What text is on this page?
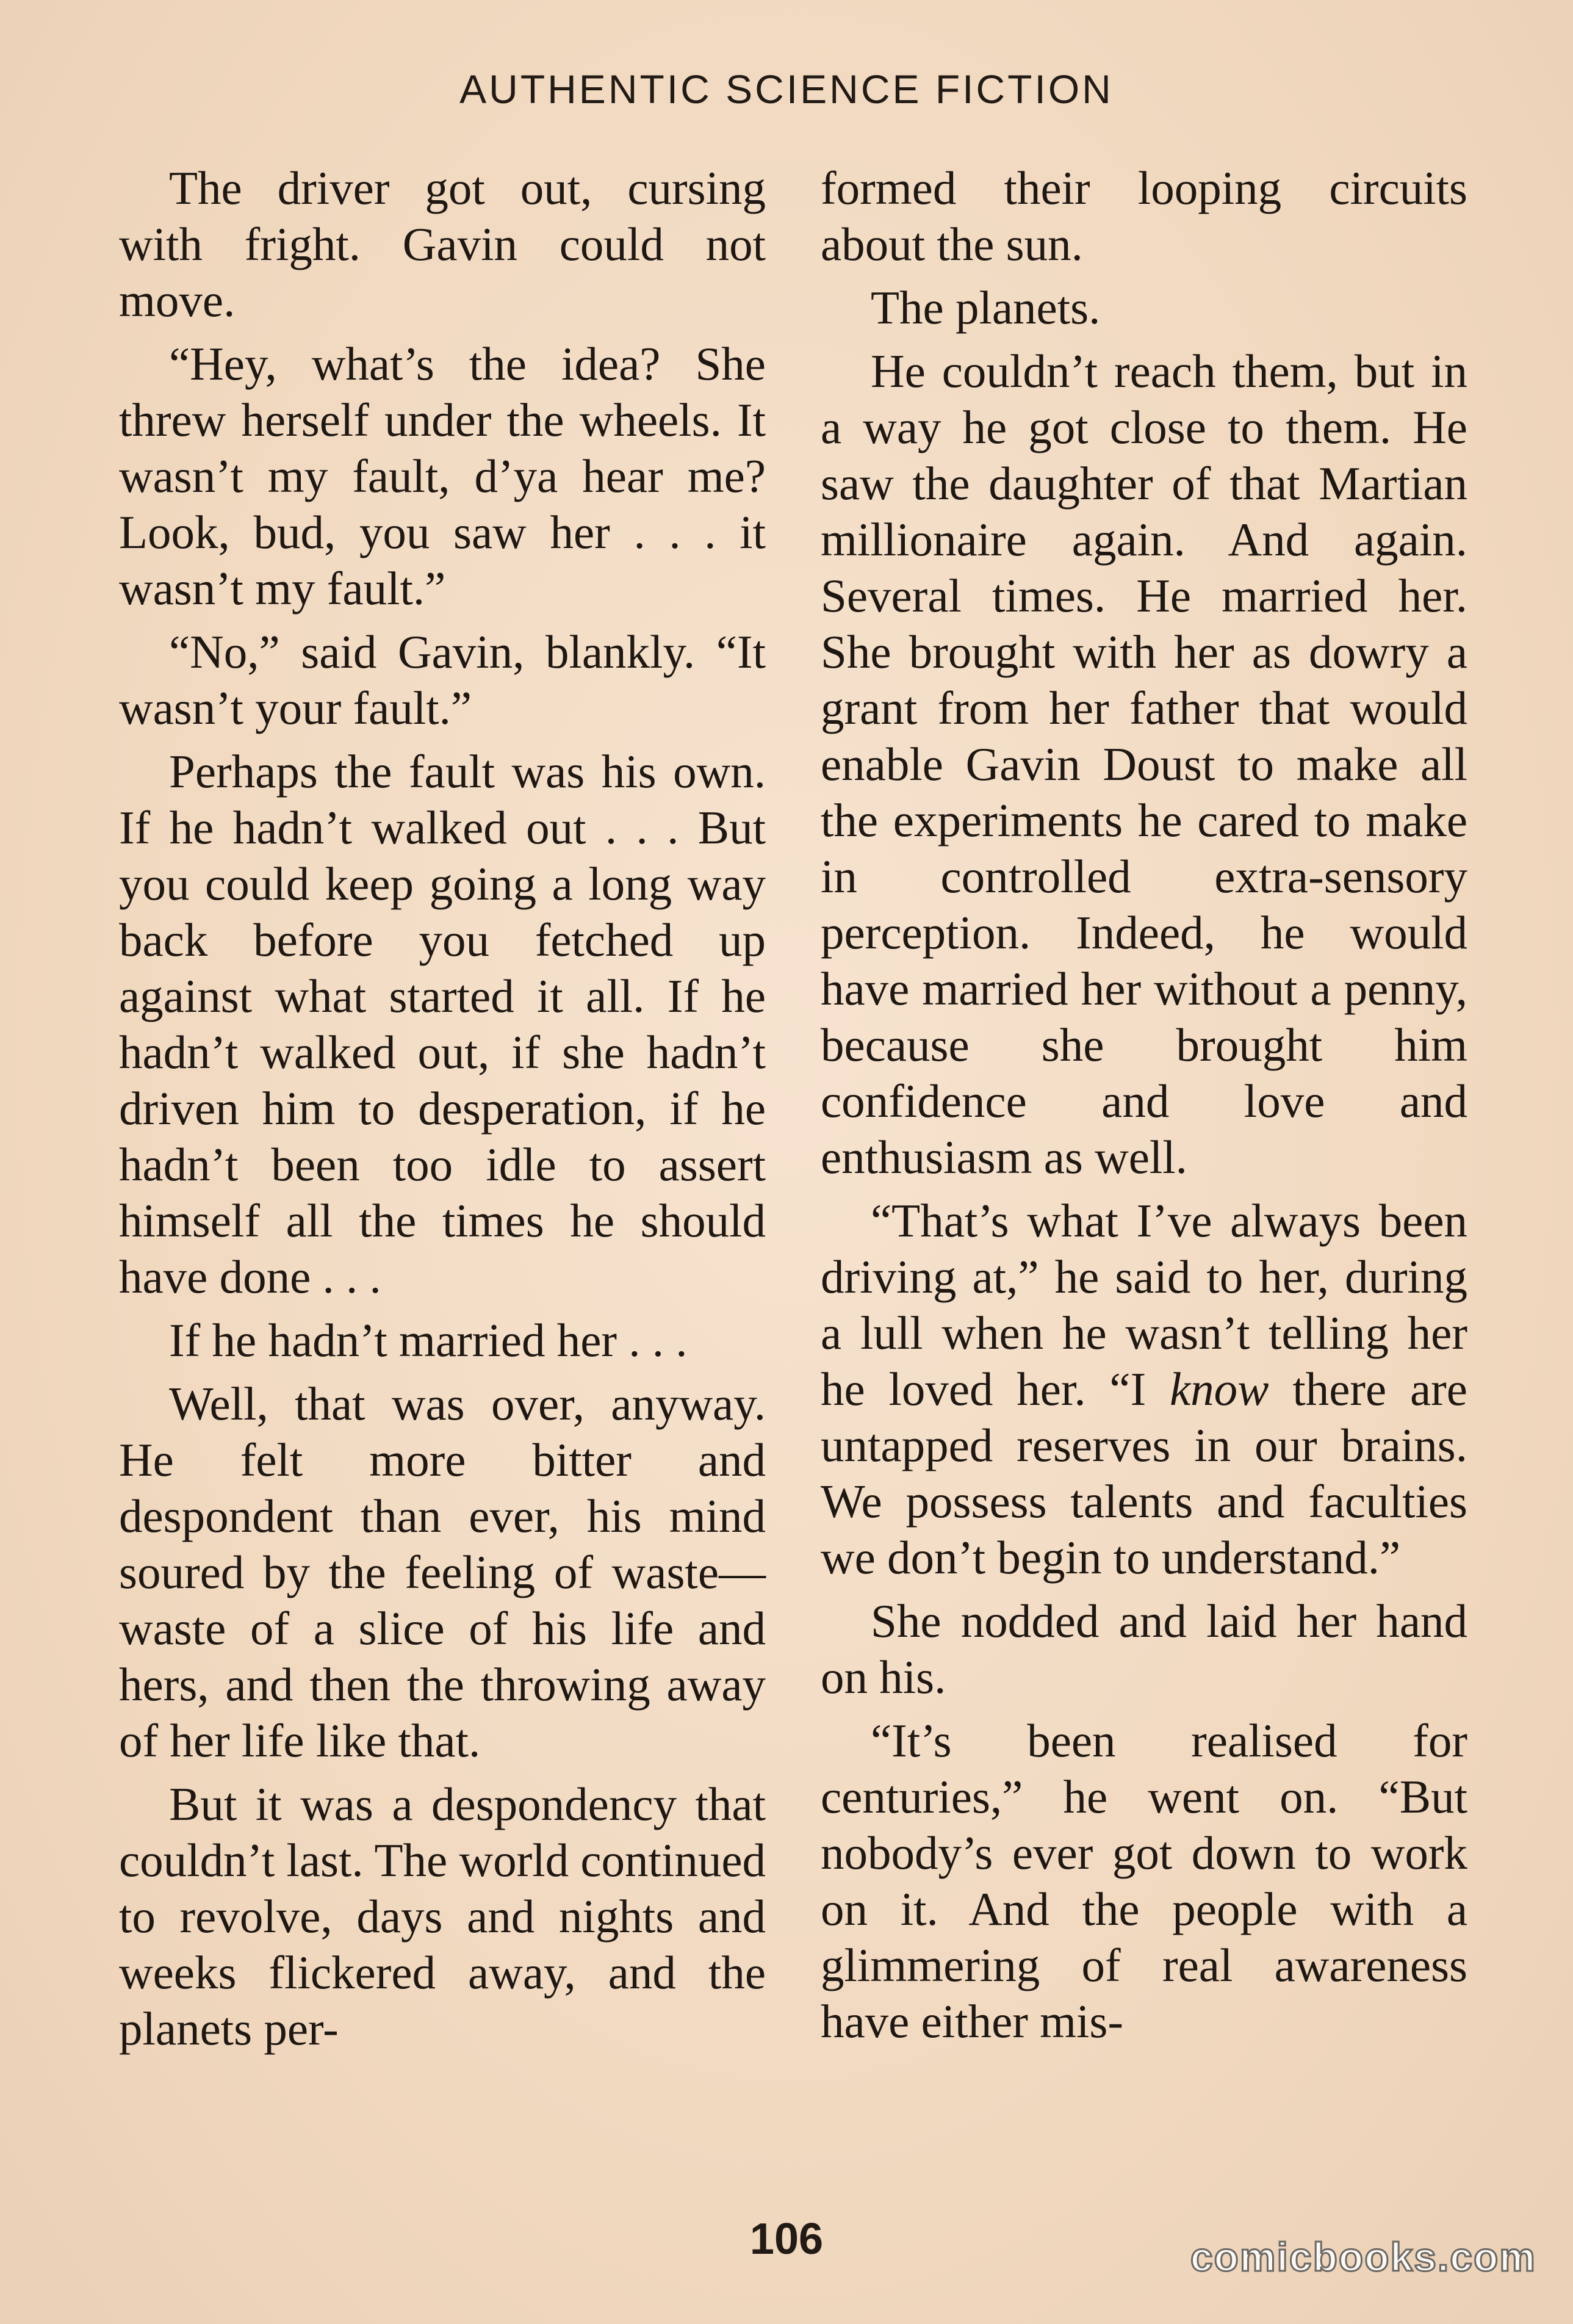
AUTHENTIC SCIENCE FICTION

The driver got out, cursing with fright. Gavin could not move.

“Hey, what’s the idea? She threw herself under the wheels. It wasn’t my fault, d’ya hear me? Look, bud, you saw her . . . it wasn’t my fault.”

“No,” said Gavin, blankly. “It wasn’t your fault.”

Perhaps the fault was his own. If he hadn’t walked out . . . But you could keep going a long way back before you fetched up against what started it all. If he hadn’t walked out, if she hadn’t driven him to desperation, if he hadn’t been too idle to assert himself all the times he should have done . . .

If he hadn’t married her . . .

Well, that was over, anyway. He felt more bitter and despondent than ever, his mind soured by the feeling of waste—waste of a slice of his life and hers, and then the throwing away of her life like that.

But it was a despondency that couldn’t last. The world continued to revolve, days and nights and weeks flickered away, and the planets per-

formed their looping circuits about the sun.

The planets.

He couldn’t reach them, but in a way he got close to them. He saw the daughter of that Martian millionaire again. And again. Several times. He married her. She brought with her as dowry a grant from her father that would enable Gavin Doust to make all the experiments he cared to make in controlled extra-sensory perception. Indeed, he would have married her without a penny, because she brought him confidence and love and enthusiasm as well.

“That’s what I’ve always been driving at,” he said to her, during a lull when he wasn’t telling her he loved her. “I know there are untapped reserves in our brains. We possess talents and faculties we don’t begin to understand.”

She nodded and laid her hand on his.

“It’s been realised for centuries,” he went on. “But nobody’s ever got down to work on it. And the people with a glimmering of real awareness have either mis-

106	comicbooks.com
